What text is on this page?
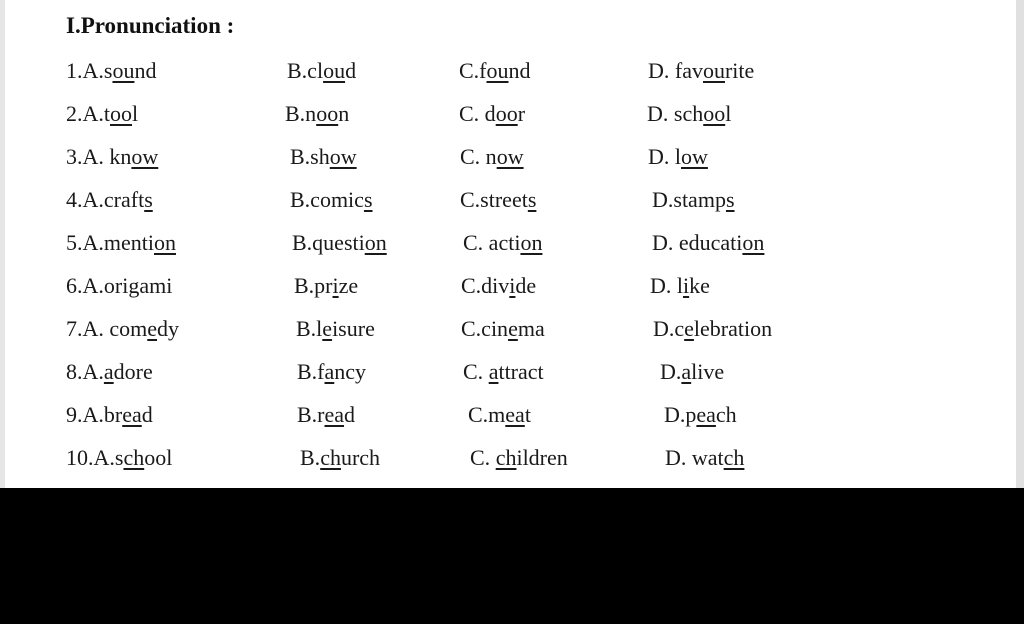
I.Pronunciation :
1.A.sound	B.cloud	C.found	D. favourite
2.A.tool	B.noon	C. door	D. school
3.A. know	B.show	C. now	D. low
4.A.crafts	B.comics	C.streets	D.stamps
5.A.mention	B.question	C. action	D. education
6.A.origami	B.prize	C.divide	D. like
7.A. comedy	B.leisure	C.cinema	D.celebration
8.A.adore	B.fancy	C. attract	D.alive
9.A.bread	B.read	C.meat	D.peach
10.A.school	B.church	C. children	D. watch
